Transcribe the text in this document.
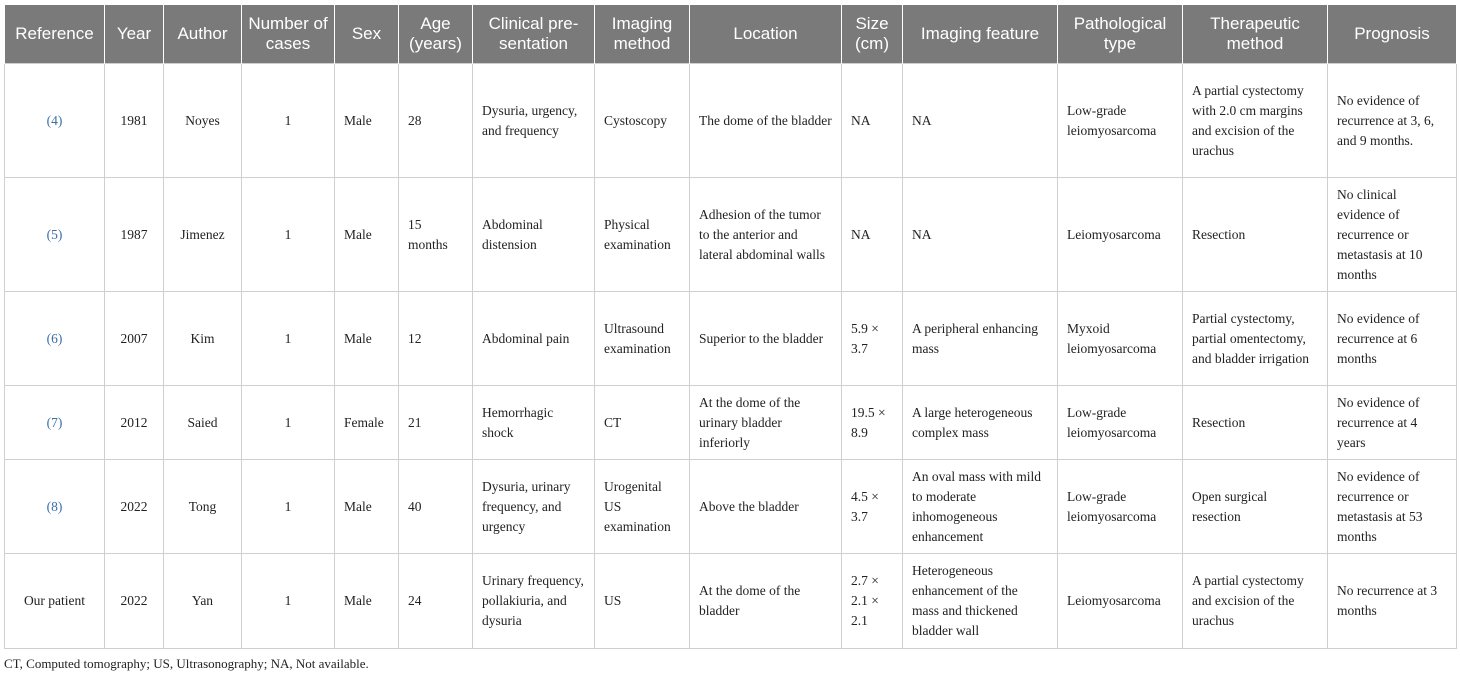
Reference	Year	Author	Number of cases	Sex	Age (years)	Clinical pre-sentation	Imaging method	Location	Size (cm)	Imaging feature	Pathological type	Therapeutic method	Prognosis
(4)	1981	Noyes	1	Male	28	Dysuria, urgency, and frequency	Cystoscopy	The dome of the bladder	NA	NA	Low-grade leiomyosarcoma	A partial cystectomy with 2.0 cm margins and excision of the urachus	No evidence of recurrence at 3, 6, and 9 months.
(5)	1987	Jimenez	1	Male	15 months	Abdominal distension	Physical examination	Adhesion of the tumor to the anterior and lateral abdominal walls	NA	NA	Leiomyosarcoma	Resection	No clinical evidence of recurrence or metastasis at 10 months
(6)	2007	Kim	1	Male	12	Abdominal pain	Ultrasound examination	Superior to the bladder	5.9 × 3.7	A peripheral enhancing mass	Myxoid leiomyosarcoma	Partial cystectomy, partial omentectomy, and bladder irrigation	No evidence of recurrence at 6 months
(7)	2012	Saied	1	Female	21	Hemorrhagic shock	CT	At the dome of the urinary bladder inferiorly	19.5 × 8.9	A large heterogeneous complex mass	Low-grade leiomyosarcoma	Resection	No evidence of recurrence at 4 years
(8)	2022	Tong	1	Male	40	Dysuria, urinary frequency, and urgency	Urogenital US examination	Above the bladder	4.5 × 3.7	An oval mass with mild to moderate inhomogeneous enhancement	Low-grade leiomyosarcoma	Open surgical resection	No evidence of recurrence or metastasis at 53 months
Our patient	2022	Yan	1	Male	24	Urinary frequency, pollakiuria, and dysuria	US	At the dome of the bladder	2.7 × 2.1 × 2.1	Heterogeneous enhancement of the mass and thickened bladder wall	Leiomyosarcoma	A partial cystectomy and excision of the urachus	No recurrence at 3 months
CT, Computed tomography; US, Ultrasonography; NA, Not available.
